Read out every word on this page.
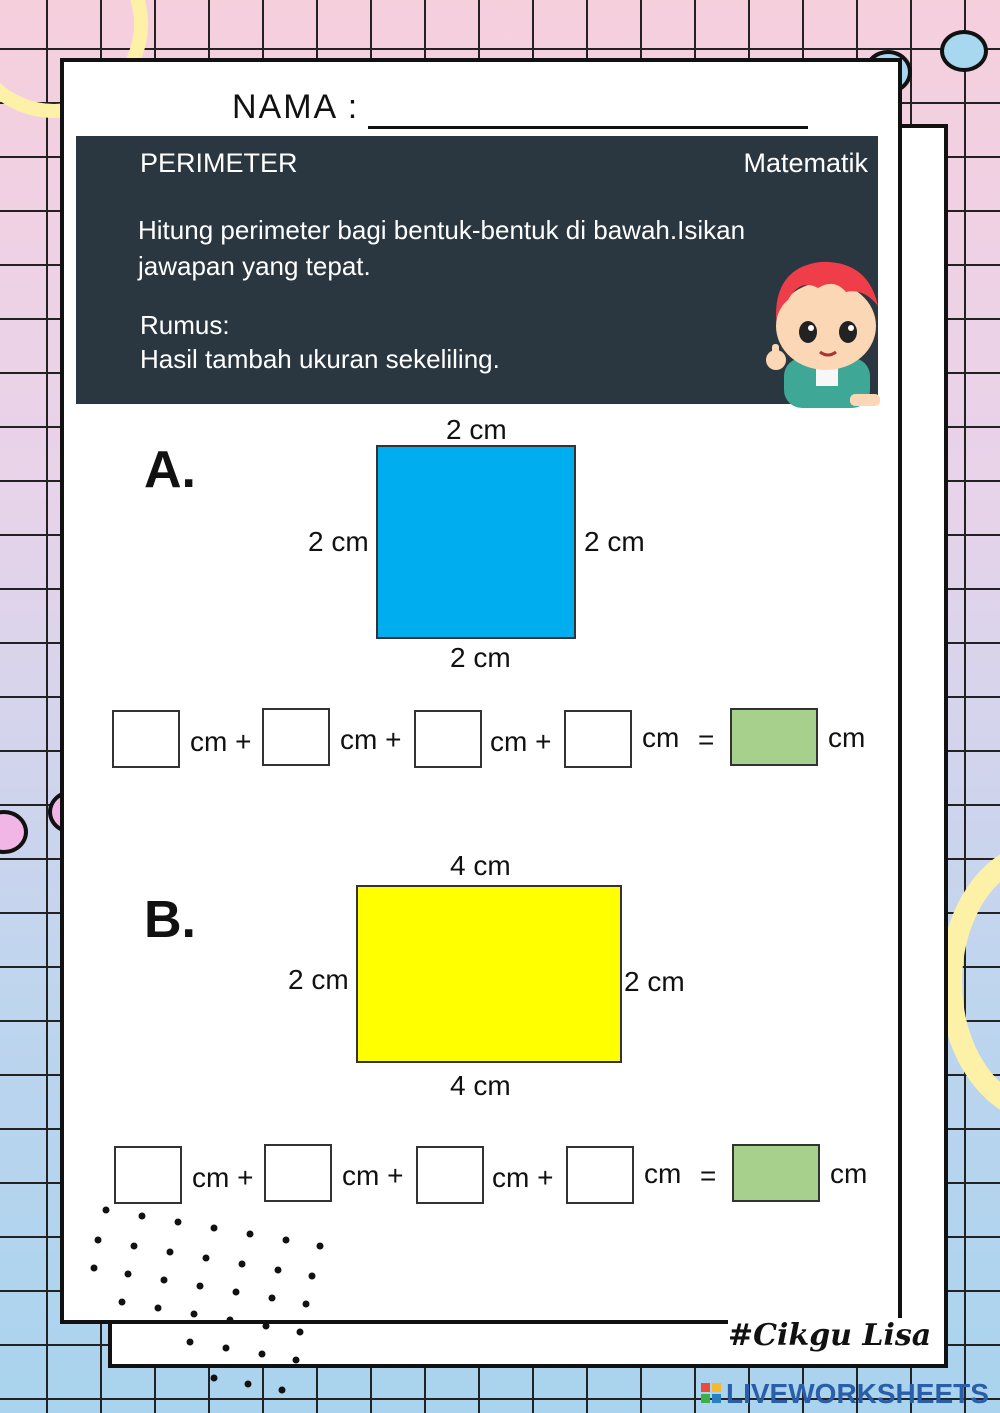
NAMA :
PERIMETER	Matematik
Hitung perimeter bagi bentuk-bentuk di bawah.Isikan jawapan yang tepat.
Rumus:
Hasil tambah ukuran sekeliling.
A.
2 cm
2 cm	2 cm
2 cm
cm +	cm +	cm +	cm =	cm
B.
4 cm
2 cm	2 cm
4 cm
cm +	cm +	cm +	cm =	cm
#Cikgu Lisa
LIVEWORKSHEETS
